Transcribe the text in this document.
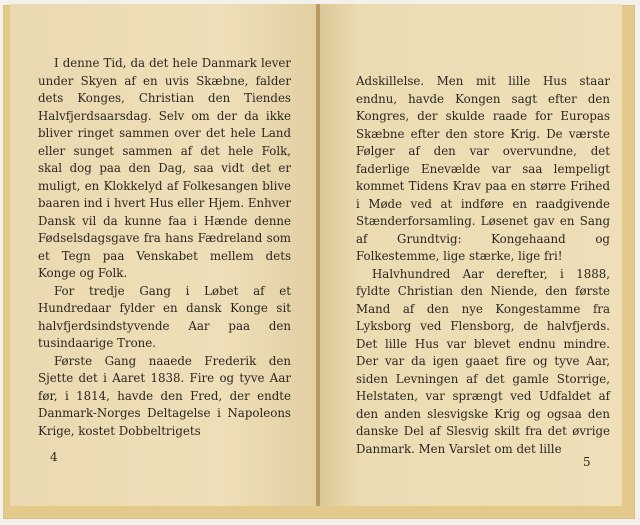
I denne Tid, da det hele Danmark lever under Skyen af en uvis Skæbne, falder dets Konges, Christian den Tiendes Halvfjerdsaarsdag. Selv om der da ikke bliver ringet sammen over det hele Land eller sunget sammen af det hele Folk, skal dog paa den Dag, saa vidt det er muligt, en Klokkelyd af Folkesangen blive baaren ind i hvert Hus eller Hjem. Enhver Dansk vil da kunne faa i Hænde denne Fødselsdagsgave fra hans Fædreland som et Tegn paa Venskabet mellem dets Konge og Folk.

For tredje Gang i Løbet af et Hundredaar fylder en dansk Konge sit halvfjerdsindstyvende Aar paa den tusindaarige Trone.

Første Gang naaede Frederik den Sjette det i Aaret 1838. Fire og tyve Aar før, i 1814, havde den Fred, der endte Danmark-Norges Deltagelse i Napoleons Krige, kostet Dobbeltrigets

4

Adskillelse. Men mit lille Hus staar endnu, havde Kongen sagt efter den Kongres, der skulde raade for Europas Skæbne efter den store Krig. De værste Følger af den var overvundne, det faderlige Enevælde var saa lempeligt kommet Tidens Krav paa en større Frihed i Møde ved at indføre en raadgivende Stænderforsamling. Løsenet gav en Sang af Grundtvig: Kongehaand og Folkestemme, lige stærke, lige fri!

Halvhundred Aar derefter, i 1888, fyldte Christian den Niende, den første Mand af den nye Kongestamme fra Lyksborg ved Flensborg, de halvfjerds. Det lille Hus var blevet endnu mindre. Der var da igen gaaet fire og tyve Aar, siden Levningen af det gamle Storrige, Helstaten, var sprængt ved Udfaldet af den anden slesvigske Krig og ogsaa den danske Del af Slesvig skilt fra det øvrige Danmark. Men Varslet om det lille

5
